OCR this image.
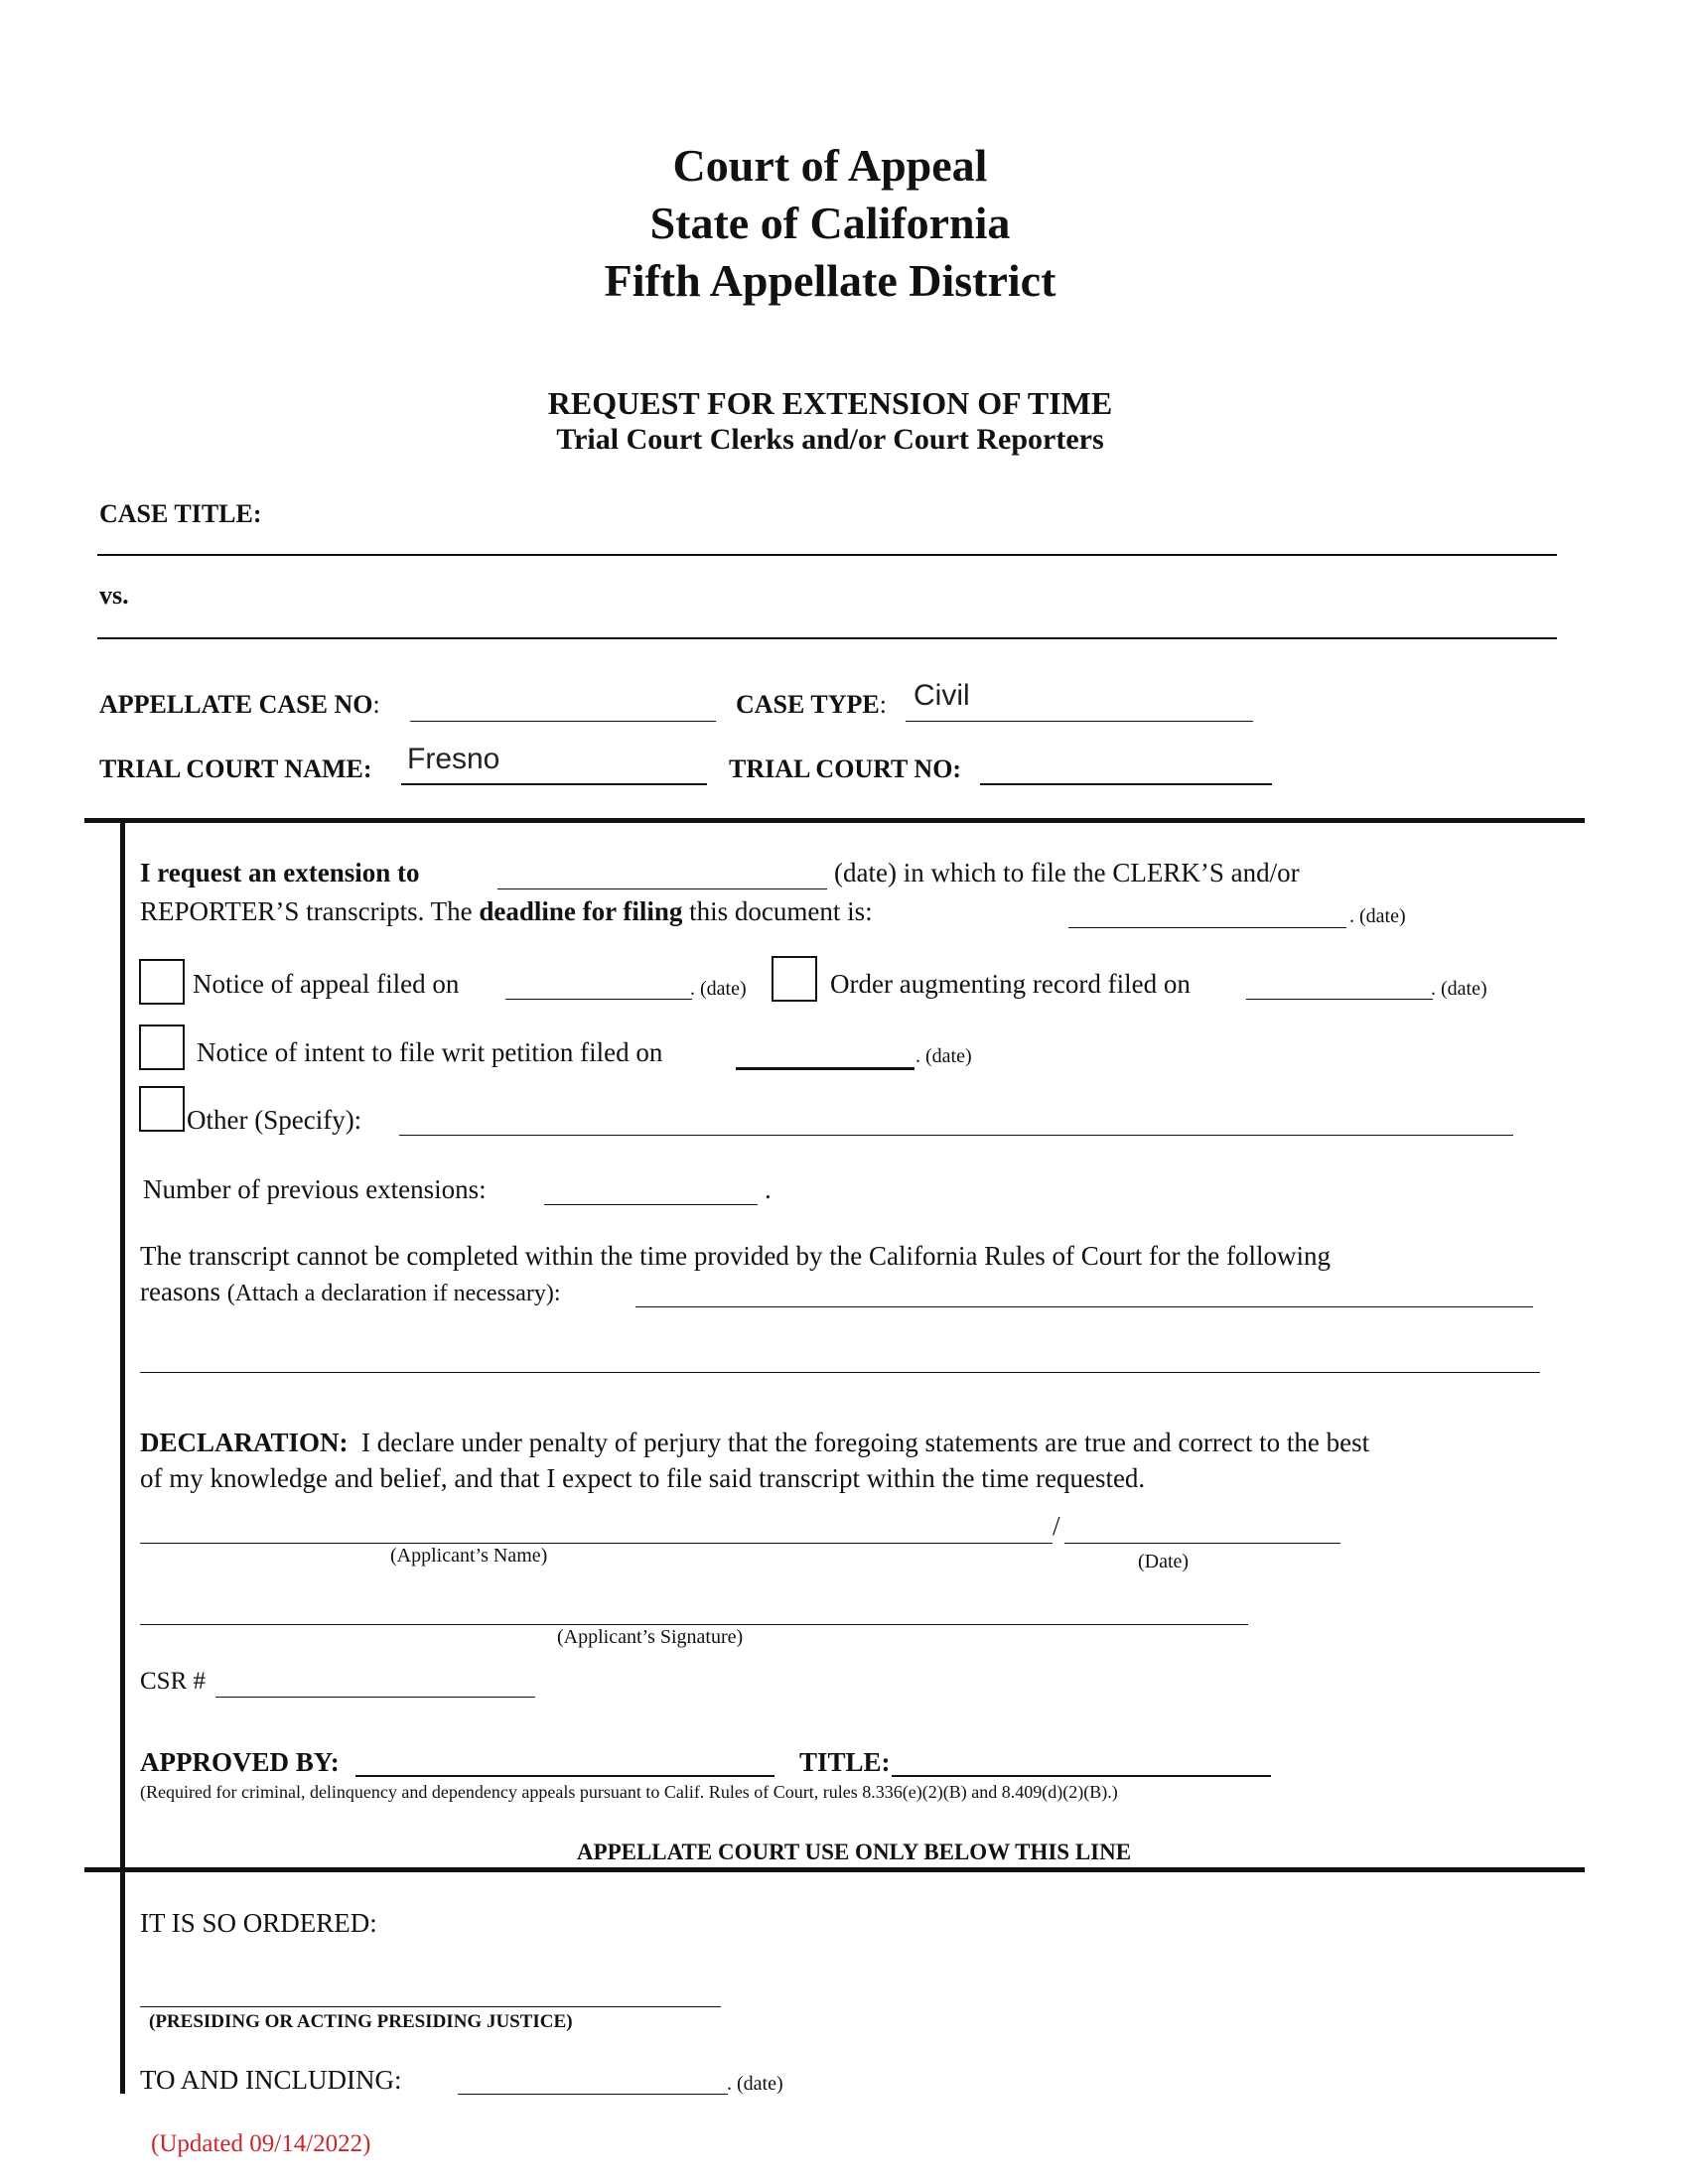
Court of Appeal
State of California
Fifth Appellate District
REQUEST FOR EXTENSION OF TIME
Trial Court Clerks and/or Court Reporters
CASE TITLE:
vs.
APPELLATE CASE NO:	CASE TYPE: Civil
TRIAL COURT NAME: Fresno	TRIAL COURT NO:
I request an extension to	(date) in which to file the CLERK’S and/or
REPORTER’S transcripts. The deadline for filing this document is:	. (date)
Notice of appeal filed on	. (date)	Order augmenting record filed on	. (date)
Notice of intent to file writ petition filed on	. (date)
Other (Specify):
Number of previous extensions:	.
The transcript cannot be completed within the time provided by the California Rules of Court for the following
reasons (Attach a declaration if necessary):
DECLARATION: I declare under penalty of perjury that the foregoing statements are true and correct to the best
of my knowledge and belief, and that I expect to file said transcript within the time requested.
/
(Applicant’s Name)	(Date)
(Applicant’s Signature)
CSR #
APPROVED BY:	TITLE:
(Required for criminal, delinquency and dependency appeals pursuant to Calif. Rules of Court, rules 8.336(e)(2)(B) and 8.409(d)(2)(B).)
APPELLATE COURT USE ONLY BELOW THIS LINE
IT IS SO ORDERED:
(PRESIDING OR ACTING PRESIDING JUSTICE)
TO AND INCLUDING:	. (date)
(Updated 09/14/2022)
